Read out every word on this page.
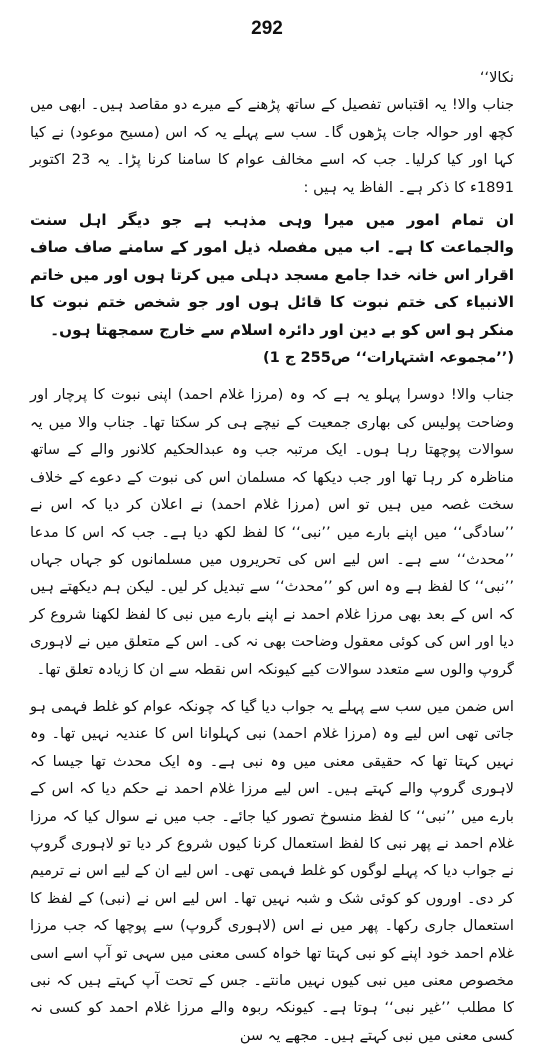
292

نکالا‘‘

جناب والا! یہ اقتباس تفصیل کے ساتھ پڑھنے کے میرے دو مقاصد ہیں۔ ابھی میں کچھ اور حوالہ جات پڑھوں گا۔ سب سے پہلے یہ کہ اس (مسیح موعود) نے کیا کہا اور کیا کرلیا۔ جب کہ اسے مخالف عوام کا سامنا کرنا پڑا۔ یہ 23 اکتوبر 1891ء کا ذکر ہے۔ الفاظ یہ ہیں :

ان تمام امور میں میرا وہی مذہب ہے جو دیگر اہل سنت والجماعت کا ہے۔ اب میں مفصلہ ذیل امور کے سامنے صاف صاف اقرار اس خانہ خدا جامع مسجد دہلی میں کرتا ہوں اور میں خاتم الانبیاء کی ختم نبوت کا قائل ہوں اور جو شخص ختم نبوت کا منکر ہو اس کو بے دین اور دائرہ اسلام سے خارج سمجھتا ہوں۔

(’’مجموعہ اشتہارات‘‘ ص255 ج 1)

جناب والا! دوسرا پہلو یہ ہے کہ وہ (مرزا غلام احمد) اپنی نبوت کا پرچار اور وضاحت پولیس کی بھاری جمعیت کے نیچے ہی کر سکتا تھا۔ جناب والا میں یہ سوالات پوچھتا رہا ہوں۔ ایک مرتبہ جب وہ عبدالحکیم کلانور والے کے ساتھ مناظرہ کر رہا تھا اور جب دیکھا کہ مسلمان اس کی نبوت کے دعوے کے خلاف سخت غصہ میں ہیں تو اس (مرزا غلام احمد) نے اعلان کر دیا کہ اس نے ’’سادگی‘‘ میں اپنے بارے میں ’’نبی‘‘ کا لفظ لکھ دیا ہے۔ جب کہ اس کا مدعا ’’محدث‘‘ سے ہے۔ اس لیے اس کی تحریروں میں مسلمانوں کو جہاں جہاں ’’نبی‘‘ کا لفظ ہے وہ اس کو ’’محدث‘‘ سے تبدیل کر لیں۔ لیکن ہم دیکھتے ہیں کہ اس کے بعد بھی مرزا غلام احمد نے اپنے بارے میں نبی کا لفظ لکھنا شروع کر دیا اور اس کی کوئی معقول وضاحت بھی نہ کی۔ اس کے متعلق میں نے لاہوری گروپ والوں سے متعدد سوالات کیے کیونکہ اس نقطہ سے ان کا زیادہ تعلق تھا۔

اس ضمن میں سب سے پہلے یہ جواب دیا گیا کہ چونکہ عوام کو غلط فہمی ہو جاتی تھی اس لیے وہ (مرزا غلام احمد) نبی کہلوانا اس کا عندیہ نہیں تھا۔ وہ نہیں کہتا تھا کہ حقیقی معنی میں وہ نبی ہے۔ وہ ایک محدث تھا جیسا کہ لاہوری گروپ والے کہتے ہیں۔ اس لیے مرزا غلام احمد نے حکم دیا کہ اس کے بارے میں ’’نبی‘‘ کا لفظ منسوخ تصور کیا جائے۔ جب میں نے سوال کیا کہ مرزا غلام احمد نے پھر نبی کا لفظ استعمال کرنا کیوں شروع کر دیا تو لاہوری گروپ نے جواب دیا کہ پہلے لوگوں کو غلط فہمی تھی۔ اس لیے ان کے لیے اس نے ترمیم کر دی۔ اوروں کو کوئی شک و شبہ نہیں تھا۔ اس لیے اس نے (نبی) کے لفظ کا استعمال جاری رکھا۔ پھر میں نے اس (لاہوری گروپ) سے پوچھا کہ جب مرزا غلام احمد خود اپنے کو نبی کہتا تھا خواہ کسی معنی میں سہی تو آپ اسے اسی مخصوص معنی میں نبی کیوں نہیں مانتے۔ جس کے تحت آپ کہتے ہیں کہ نبی کا مطلب ’’غیر نبی‘‘ ہوتا ہے۔ کیونکہ ربوہ والے مرزا غلام احمد کو کسی نہ کسی معنی میں نبی کہتے ہیں۔ مجھے یہ سن
